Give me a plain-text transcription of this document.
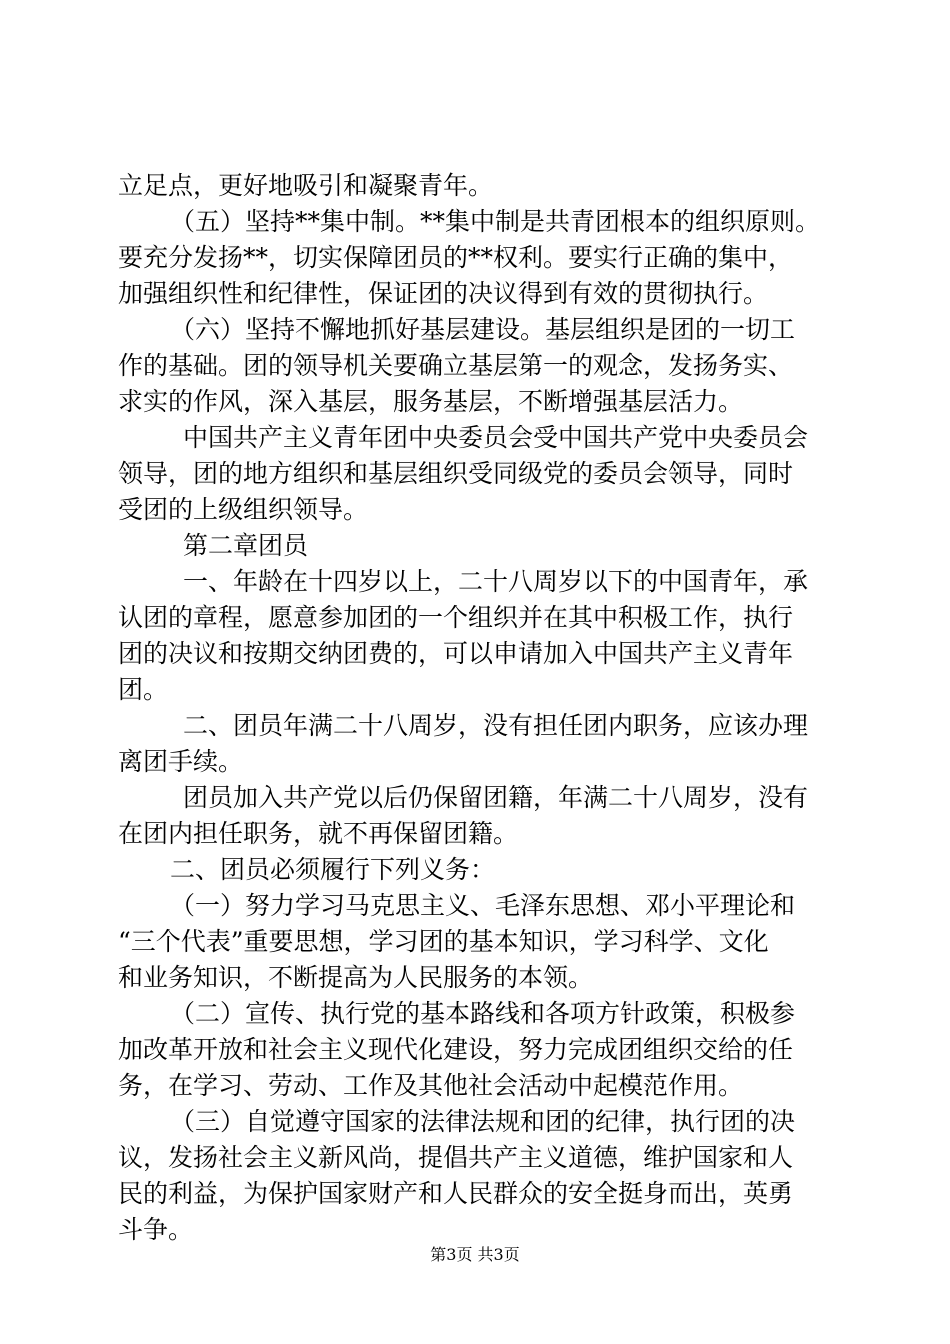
立足点，更好地吸引和凝聚青年。
（五）坚持**集中制。**集中制是共青团根本的组织原则。
要充分发扬**，切实保障团员的**权利。要实行正确的集中，
加强组织性和纪律性，保证团的决议得到有效的贯彻执行。
（六）坚持不懈地抓好基层建设。基层组织是团的一切工
作的基础。团的领导机关要确立基层第一的观念，发扬务实、
求实的作风，深入基层，服务基层，不断增强基层活力。
中国共产主义青年团中央委员会受中国共产党中央委员会
领导，团的地方组织和基层组织受同级党的委员会领导，同时
受团的上级组织领导。
第二章团员
一、年龄在十四岁以上，二十八周岁以下的中国青年，承
认团的章程，愿意参加团的一个组织并在其中积极工作，执行
团的决议和按期交纳团费的，可以申请加入中国共产主义青年
团。
二、团员年满二十八周岁，没有担任团内职务，应该办理
离团手续。
团员加入共产党以后仍保留团籍，年满二十八周岁，没有
在团内担任职务，就不再保留团籍。
二、团员必须履行下列义务：
（一）努力学习马克思主义、毛泽东思想、邓小平理论和
“三个代表”重要思想，学习团的基本知识，学习科学、文化
和业务知识，不断提高为人民服务的本领。
（二）宣传、执行党的基本路线和各项方针政策，积极参
加改革开放和社会主义现代化建设，努力完成团组织交给的任
务，在学习、劳动、工作及其他社会活动中起模范作用。
（三）自觉遵守国家的法律法规和团的纪律，执行团的决
议，发扬社会主义新风尚，提倡共产主义道德，维护国家和人
民的利益，为保护国家财产和人民群众的安全挺身而出，英勇
斗争。
第3页 共3页
